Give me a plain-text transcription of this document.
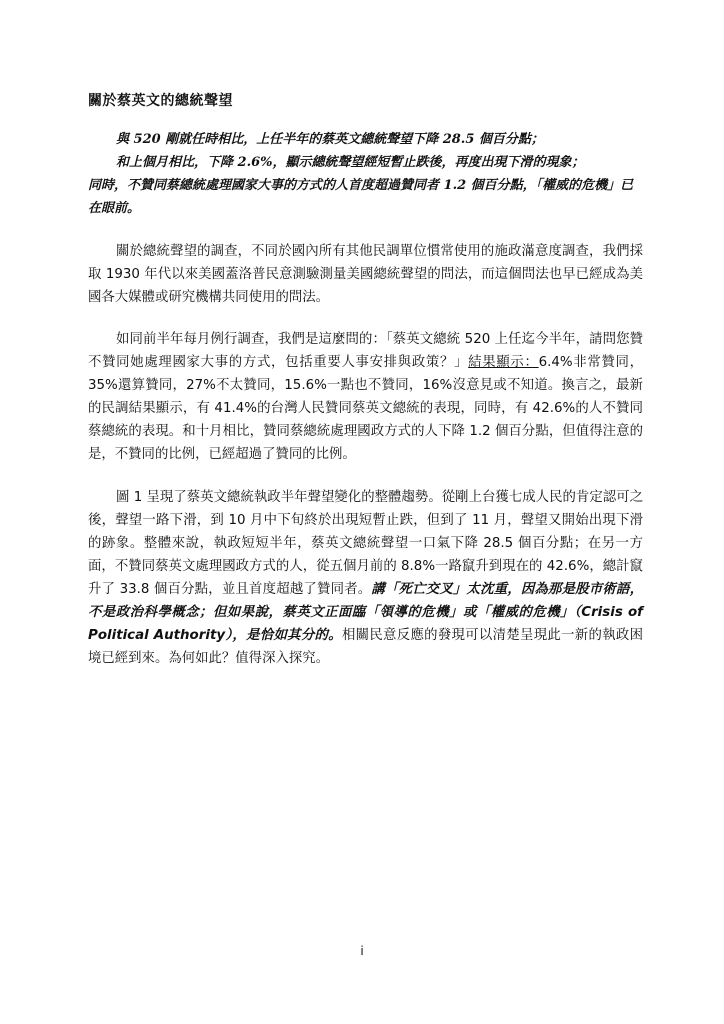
關於蔡英文的總統聲望
與 520 剛就任時相比，上任半年的蔡英文總統聲望下降 28.5 個百分點；
和上個月相比，下降 2.6%，顯示總統聲望經短暫止跌後，再度出現下滑的現象；
同時，不贊同蔡總統處理國家大事的方式的人首度超過贊同者 1.2 個百分點，「權威的危機」已在眼前。

關於總統聲望的調查，不同於國內所有其他民調單位慣常使用的施政滿意度調查，我們採取 1930 年代以來美國蓋洛普民意測驗測量美國總統聲望的問法，而這個問法也早已經成為美國各大媒體或研究機構共同使用的問法。

如同前半年每月例行調查，我們是這麼問的：「蔡英文總統 520 上任迄今半年，請問您贊不贊同她處理國家大事的方式，包括重要人事安排與政策？」結果顯示：6.4%非常贊同，35%還算贊同，27%不太贊同，15.6%一點也不贊同，16%沒意見或不知道。換言之，最新的民調結果顯示，有 41.4%的台灣人民贊同蔡英文總統的表現，同時，有 42.6%的人不贊同蔡總統的表現。和十月相比，贊同蔡總統處理國政方式的人下降 1.2 個百分點，但值得注意的是，不贊同的比例，已經超過了贊同的比例。

圖 1 呈現了蔡英文總統執政半年聲望變化的整體趨勢。從剛上台獲七成人民的肯定認可之後，聲望一路下滑，到 10 月中下旬終於出現短暫止跌，但到了 11 月，聲望又開始出現下滑的跡象。整體來說，執政短短半年，蔡英文總統聲望一口氣下降 28.5 個百分點；在另一方面，不贊同蔡英文處理國政方式的人，從五個月前的 8.8%一路竄升到現在的 42.6%，總計竄升了 33.8 個百分點，並且首度超越了贊同者。講「死亡交叉」太沈重，因為那是股市術語，不是政治科學概念；但如果說，蔡英文正面臨「領導的危機」或「權威的危機」（Crisis of Political Authority），是恰如其分的。相關民意反應的發現可以清楚呈現此一新的執政困境已經到來。為何如此？值得深入探究。

i
